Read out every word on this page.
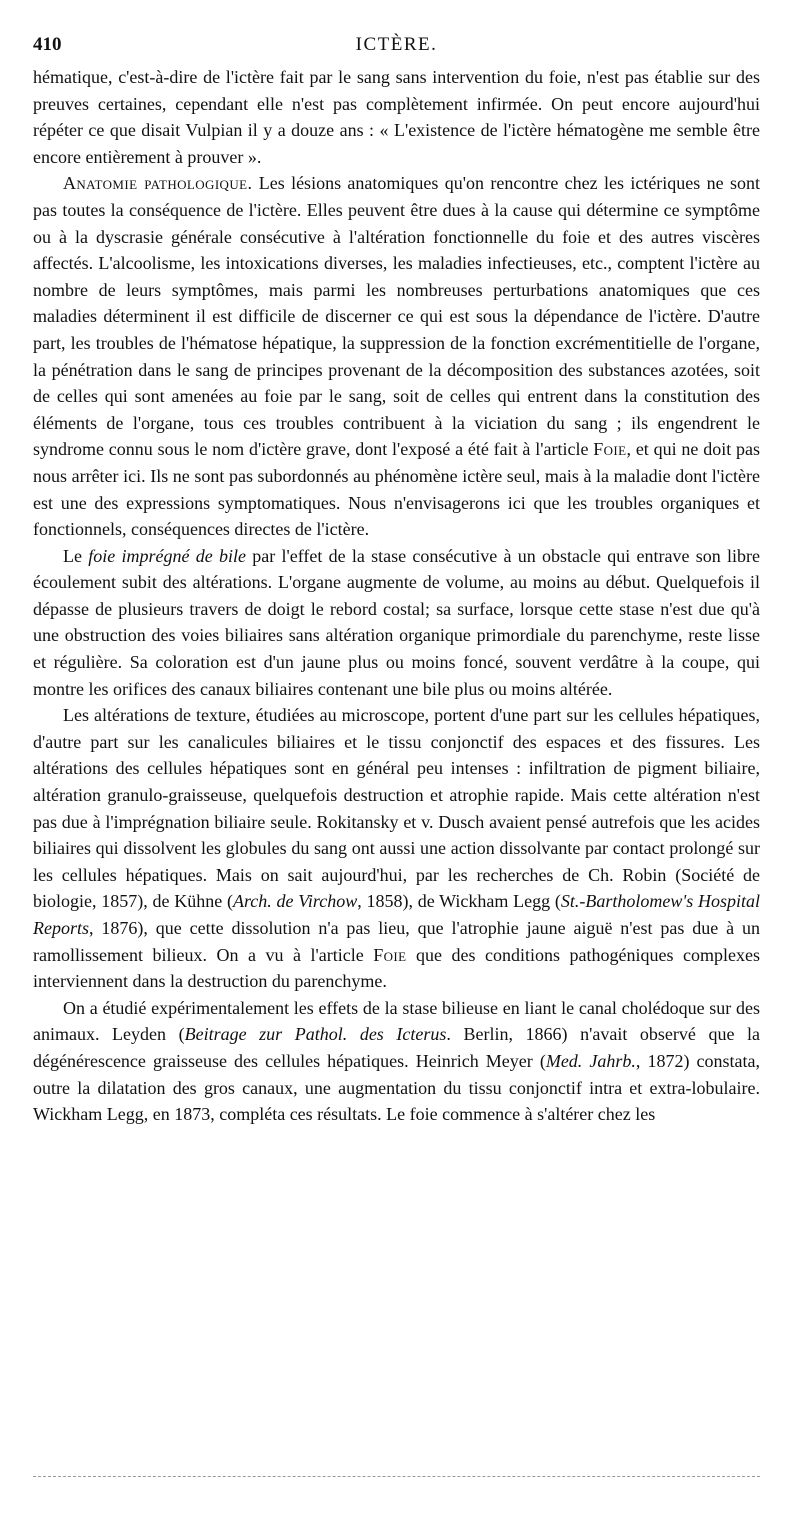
410	ICTÈRE.

hématique, c'est-à-dire de l'ictère fait par le sang sans intervention du foie, n'est pas établie sur des preuves certaines, cependant elle n'est pas complètement infirmée. On peut encore aujourd'hui répéter ce que disait Vulpian il y a douze ans : « L'existence de l'ictère hématogène me semble être encore entièrement à prouver ».

Anatomie pathologique. Les lésions anatomiques qu'on rencontre chez les ictériques ne sont pas toutes la conséquence de l'ictère. Elles peuvent être dues à la cause qui détermine ce symptôme ou à la dyscrasie générale consécutive à l'altération fonctionnelle du foie et des autres viscères affectés. L'alcoolisme, les intoxications diverses, les maladies infectieuses, etc., comptent l'ictère au nombre de leurs symptômes, mais parmi les nombreuses perturbations anatomiques que ces maladies déterminent il est difficile de discerner ce qui est sous la dépendance de l'ictère. D'autre part, les troubles de l'hématose hépatique, la suppression de la fonction excrémentitielle de l'organe, la pénétration dans le sang de principes provenant de la décomposition des substances azotées, soit de celles qui sont amenées au foie par le sang, soit de celles qui entrent dans la constitution des éléments de l'organe, tous ces troubles contribuent à la viciation du sang ; ils engendrent le syndrome connu sous le nom d'ictère grave, dont l'exposé a été fait à l'article Foie, et qui ne doit pas nous arrêter ici. Ils ne sont pas subordonnés au phénomène ictère seul, mais à la maladie dont l'ictère est une des expressions symptomatiques. Nous n'envisagerons ici que les troubles organiques et fonctionnels, conséquences directes de l'ictère.

Le foie imprégné de bile par l'effet de la stase consécutive à un obstacle qui entrave son libre écoulement subit des altérations. L'organe augmente de volume, au moins au début. Quelquefois il dépasse de plusieurs travers de doigt le rebord costal; sa surface, lorsque cette stase n'est due qu'à une obstruction des voies biliaires sans altération organique primordiale du parenchyme, reste lisse et régulière. Sa coloration est d'un jaune plus ou moins foncé, souvent verdâtre à la coupe, qui montre les orifices des canaux biliaires contenant une bile plus ou moins altérée.

Les altérations de texture, étudiées au microscope, portent d'une part sur les cellules hépatiques, d'autre part sur les canalicules biliaires et le tissu conjonctif des espaces et des fissures. Les altérations des cellules hépatiques sont en général peu intenses : infiltration de pigment biliaire, altération granulo-graisseuse, quelquefois destruction et atrophie rapide. Mais cette altération n'est pas due à l'imprégnation biliaire seule. Rokitansky et v. Dusch avaient pensé autrefois que les acides biliaires qui dissolvent les globules du sang ont aussi une action dissolvante par contact prolongé sur les cellules hépatiques. Mais on sait aujourd'hui, par les recherches de Ch. Robin (Société de biologie, 1857), de Kühne (Arch. de Virchow, 1858), de Wickham Legg (St.-Bartholomew's Hospital Reports, 1876), que cette dissolution n'a pas lieu, que l'atrophie jaune aiguë n'est pas due à un ramollissement bilieux. On a vu à l'article Foie que des conditions pathogéniques complexes interviennent dans la destruction du parenchyme.

On a étudié expérimentalement les effets de la stase bilieuse en liant le canal cholédoque sur des animaux. Leyden (Beitrage zur Pathol. des Icterus. Berlin, 1866) n'avait observé que la dégénérescence graisseuse des cellules hépatiques. Heinrich Meyer (Med. Jahrb., 1872) constata, outre la dilatation des gros canaux, une augmentation du tissu conjonctif intra et extra-lobulaire. Wickham Legg, en 1873, compléta ces résultats. Le foie commence à s'altérer chez les
